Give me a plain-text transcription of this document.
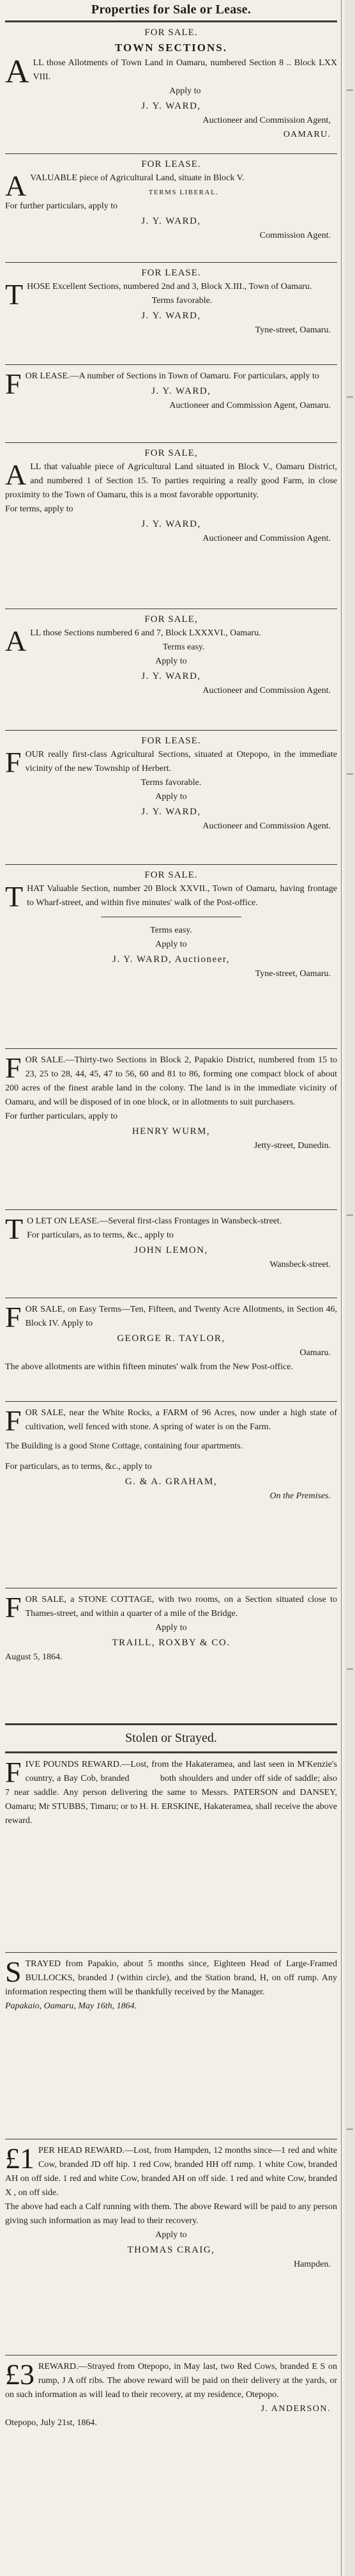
Properties for Sale or Lease.
FOR SALE.
TOWN SECTIONS.

ALL those Allotments of Town Land in Oamaru, numbered Section 8 .. Block LXX VIII.

Apply to
J. Y. WARD,
Auctioneer and Commission Agent,
OAMARU.
FOR LEASE.

AVALUABLE piece of Agricultural Land, situate in Block V.

TERMS LIBERAL.
For further particulars, apply to
J. Y. WARD,
Commission Agent.
FOR LEASE.

THOSE Excellent Sections, numbered 2nd and 3, Block X.III., Town of Oamaru.

Terms favorable.
J. Y. WARD,
Tyne-street, Oamaru.

FOR LEASE.—A number of Sections in Town of Oamaru. For particulars, apply to

J. Y. WARD,
Auctioneer and Commission Agent, Oamaru.
FOR SALE,

ALL that valuable piece of Agricultural Land situated in Block V., Oamaru District, and numbered 1 of Section 15. To parties requiring a really good Farm, in close proximity to the Town of Oamaru, this is a most favorable opportunity.

For terms, apply to
J. Y. WARD,
Auctioneer and Commission Agent.
FOR SALE,

ALL those Sections numbered 6 and 7, Block LXXXVI., Oamaru.

Terms easy.
Apply to
J. Y. WARD,
Auctioneer and Commission Agent.
FOR LEASE.

FOUR really first-class Agricultural Sections, situated at Otepopo, in the immediate vicinity of the new Township of Herbert.

Terms favorable.
Apply to
J. Y. WARD,
Auctioneer and Commission Agent.
FOR SALE.

THAT Valuable Section, number 20 Block XXVII., Town of Oamaru, having frontage to Wharf-street, and within five minutes' walk of the Post-office.

Terms easy.
Apply to
J. Y. WARD, Auctioneer,
Tyne-street, Oamaru.

FOR SALE.—Thirty-two Sections in Block 2, Papakio District, numbered from 15 to 23, 25 to 28, 44, 45, 47 to 56, 60 and 81 to 86, forming one compact block of about 200 acres of the finest arable land in the colony. The land is in the immediate vicinity of Oamaru, and will be disposed of in one block, or in allotments to suit purchasers.

For further particulars, apply to
HENRY WURM,
Jetty-street, Dunedin.

T O LET ON LEASE.—Several first-class Frontages in Wansbeck-street.

For particulars, as to terms, &c., apply to
JOHN LEMON,
Wansbeck-street.

FOR SALE, on Easy Terms—Ten, Fifteen, and Twenty Acre Allotments, in Section 46, Block IV. Apply to

GEORGE R. TAYLOR,
Oamaru.
The above allotments are within fifteen minutes' walk from the New Post-office.

FOR SALE, near the White Rocks, a FARM of 96 Acres, now under a high state of cultivation, well fenced with stone. A spring of water is on the Farm.

The Building is a good Stone Cottage, containing four apartments.
For particulars, as to terms, &c., apply to
G. & A. GRAHAM,
On the Premises.

FOR SALE, a STONE COTTAGE, with two rooms, on a Section situated close to Thames-street, and within a quarter of a mile of the Bridge.

Apply to
TRAILL, ROXBY & CO.
August 5, 1864.
Stolen or Strayed.

FIVE POUNDS REWARD.—Lost, from the Hakateramea, and last seen in M'Kenzie's country, a Bay Cob, branded	both shoulders and under off side of saddle; also 7 near saddle. Any person delivering the same to Messrs. PATERSON and DANSEY, Oamaru; Mr STUBBS, Timaru; or to H. H. ERSKINE, Hakateramea, shall receive the above reward.

STRAYED from Papakio, about 5 months since, Eighteen Head of Large-Framed BULLOCKS, branded J (within circle), and the Station brand, H, on off rump. Any information respecting them will be thankfully received by the Manager.

Papakaio, Oamaru, May 16th, 1864.

£1 PER HEAD REWARD.—Lost, from Hampden, 12 months since—1 red and white Cow, branded JD off hip. 1 red Cow, branded HH off rump. 1 white Cow, branded AH on off side. 1 red and white Cow, branded AH on off side. 1 red and white Cow, branded X , on off side.

The above had each a Calf running with them. The above Reward will be paid to any person giving such information as may lead to their recovery.
Apply to
THOMAS CRAIG,
Hampden.

£3 REWARD.—Strayed from Otepopo, in May last, two Red Cows, branded E S on rump, J A off ribs. The above reward will be paid on their delivery at the yards, or on such information as will lead to their recovery, at my residence, Otepopo.

J. ANDERSON.
Otepopo, July 21st, 1864.
